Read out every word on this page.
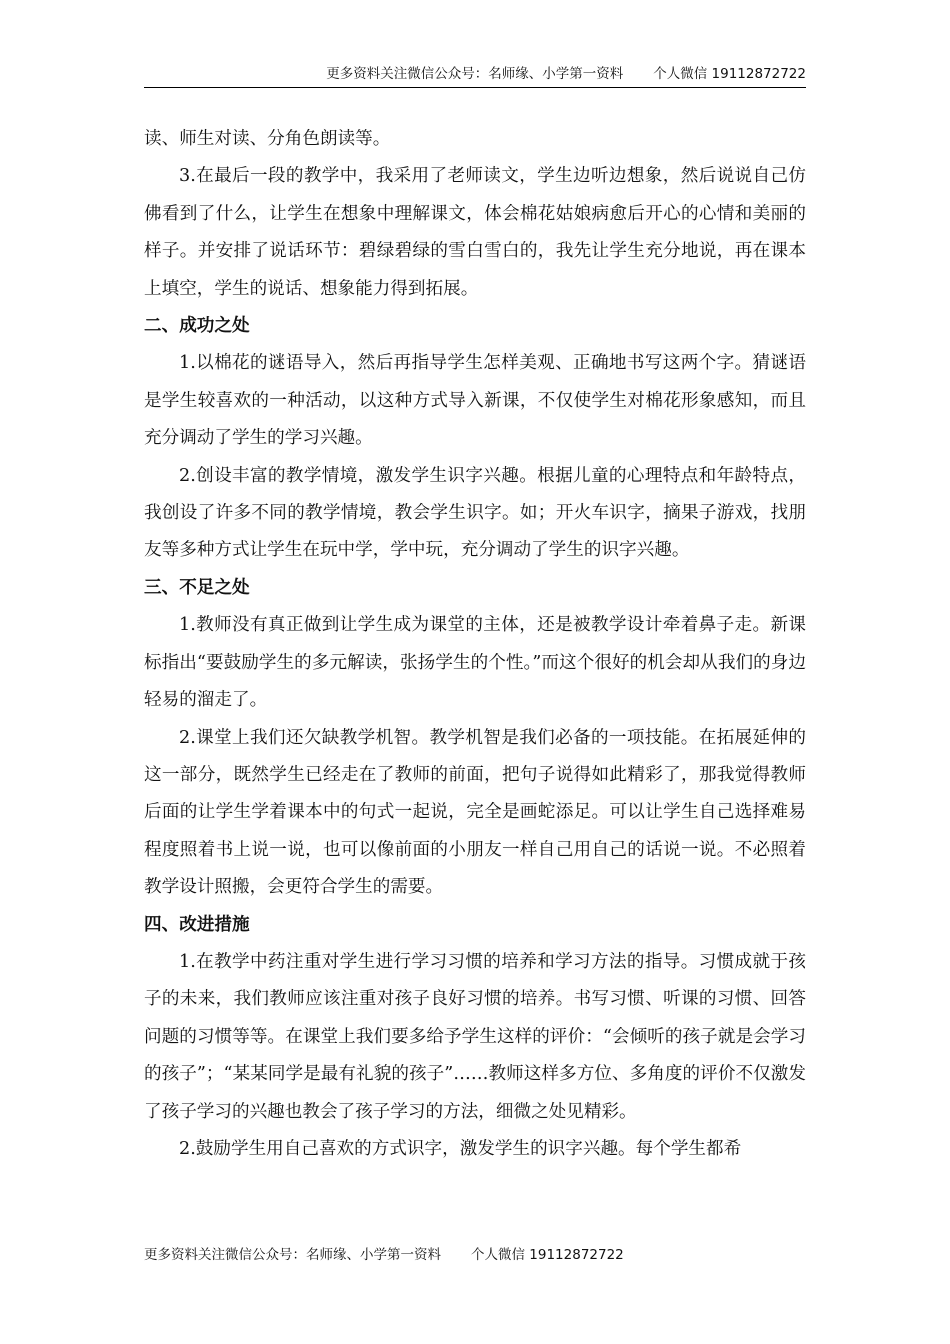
更多资料关注微信公众号：名师缘、小学第一资料 个人微信 19112872722

读、师生对读、分角色朗读等。

3.在最后一段的教学中，我采用了老师读文，学生边听边想象，然后说说自己仿佛看到了什么，让学生在想象中理解课文，体会棉花姑娘病愈后开心的心情和美丽的样子。并安排了说话环节：碧绿碧绿的雪白雪白的，我先让学生充分地说，再在课本上填空，学生的说话、想象能力得到拓展。

二、成功之处

1.以棉花的谜语导入，然后再指导学生怎样美观、正确地书写这两个字。猜谜语是学生较喜欢的一种活动，以这种方式导入新课，不仅使学生对棉花形象感知，而且充分调动了学生的学习兴趣。

2.创设丰富的教学情境，激发学生识字兴趣。根据儿童的心理特点和年龄特点，我创设了许多不同的教学情境，教会学生识字。如；开火车识字，摘果子游戏，找朋友等多种方式让学生在玩中学，学中玩，充分调动了学生的识字兴趣。

三、不足之处

1.教师没有真正做到让学生成为课堂的主体，还是被教学设计牵着鼻子走。新课标指出“要鼓励学生的多元解读，张扬学生的个性。”而这个很好的机会却从我们的身边轻易的溜走了。

2.课堂上我们还欠缺教学机智。教学机智是我们必备的一项技能。在拓展延伸的这一部分，既然学生已经走在了教师的前面，把句子说得如此精彩了，那我觉得教师后面的让学生学着课本中的句式一起说，完全是画蛇添足。可以让学生自己选择难易程度照着书上说一说，也可以像前面的小朋友一样自己用自己的话说一说。不必照着教学设计照搬，会更符合学生的需要。

四、改进措施

1.在教学中药注重对学生进行学习习惯的培养和学习方法的指导。习惯成就于孩子的未来，我们教师应该注重对孩子良好习惯的培养。书写习惯、听课的习惯、回答问题的习惯等等。在课堂上我们要多给予学生这样的评价：“会倾听的孩子就是会学习的孩子”；“某某同学是最有礼貌的孩子”……教师这样多方位、多角度的评价不仅激发了孩子学习的兴趣也教会了孩子学习的方法，细微之处见精彩。

2.鼓励学生用自己喜欢的方式识字，激发学生的识字兴趣。每个学生都希

更多资料关注微信公众号：名师缘、小学第一资料 个人微信 19112872722
